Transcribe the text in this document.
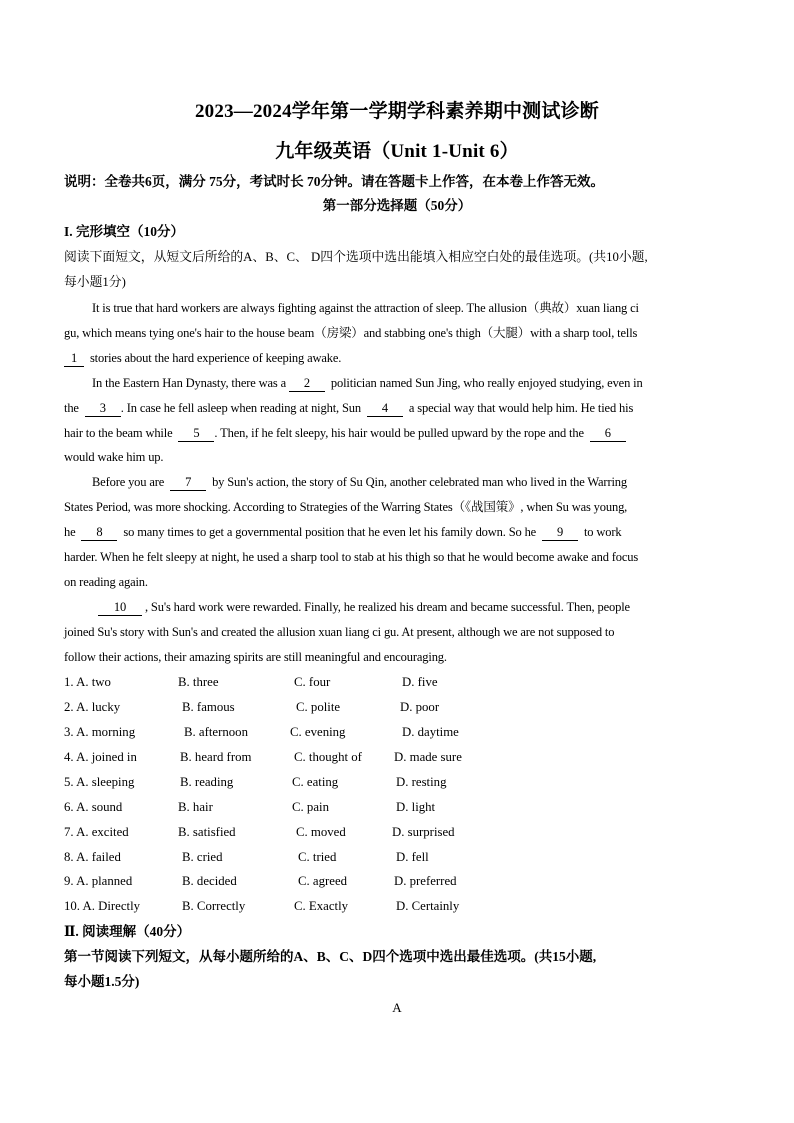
2023—2024学年第一学期学科素养期中测试诊断
九年级英语（Unit 1-Unit 6）
说明：全卷共6页，满分 75分，考试时长 70分钟。请在答题卡上作答，在本卷上作答无效。
第一部分选择题（50分）
I. 完形填空（10分）
阅读下面短文，从短文后所给的A、B、C、 D四个选项中选出能填入相应空白处的最佳选项。(共10小题,
每小题1分)
It is true that hard workers are always fighting against the attraction of sleep. The allusion（典故）xuan liang ci
gu, which means tying one's hair to the house beam（房梁）and stabbing one's thigh（大腿）with a sharp tool, tells
1 stories about the hard experience of keeping awake.
In the Eastern Han Dynasty, there was a 2 politician named Sun Jing, who really enjoyed studying, even in
the 3 . In case he fell asleep when reading at night, Sun 4 a special way that would help him. He tied his
hair to the beam while 5 . Then, if he felt sleepy, his hair would be pulled upward by the rope and the 6
would wake him up.
Before you are 7 by Sun's action, the story of Su Qin, another celebrated man who lived in the Warring
States Period, was more shocking. According to Strategies of the Warring States（《战国策》, when Su was young,
he 8 so many times to get a governmental position that he even let his family down. So he 9 to work
harder. When he felt sleepy at night, he used a sharp tool to stab at his thigh so that he would become awake and focus
on reading again.
10 , Su's hard work were rewarded. Finally, he realized his dream and became successful. Then, people
joined Su's story with Sun's and created the allusion xuan liang ci gu. At present, although we are not supposed to
follow their actions, their amazing spirits are still meaningful and encouraging.
1. A. two	B. three	C. four	D. five
2. A. lucky	B. famous	C. polite	D. poor
3. A. morning	B. afternoon	C. evening	D. daytime
4. A. joined in	B. heard from	C. thought of	D. made sure
5. A. sleeping	B. reading	C. eating	D. resting
6. A. sound	B. hair	C. pain	D. light
7. A. excited	B. satisfied	C. moved	D. surprised
8. A. failed	B. cried	C. tried	D. fell
9. A. planned	B. decided	C. agreed	D. preferred
10. A. Directly	B. Correctly	C. Exactly	D. Certainly
Ⅱ. 阅读理解（40分）
第一节阅读下列短文，从每小题所给的A、B、C、D四个选项中选出最佳选项。(共15小题,
每小题1.5分)
A
